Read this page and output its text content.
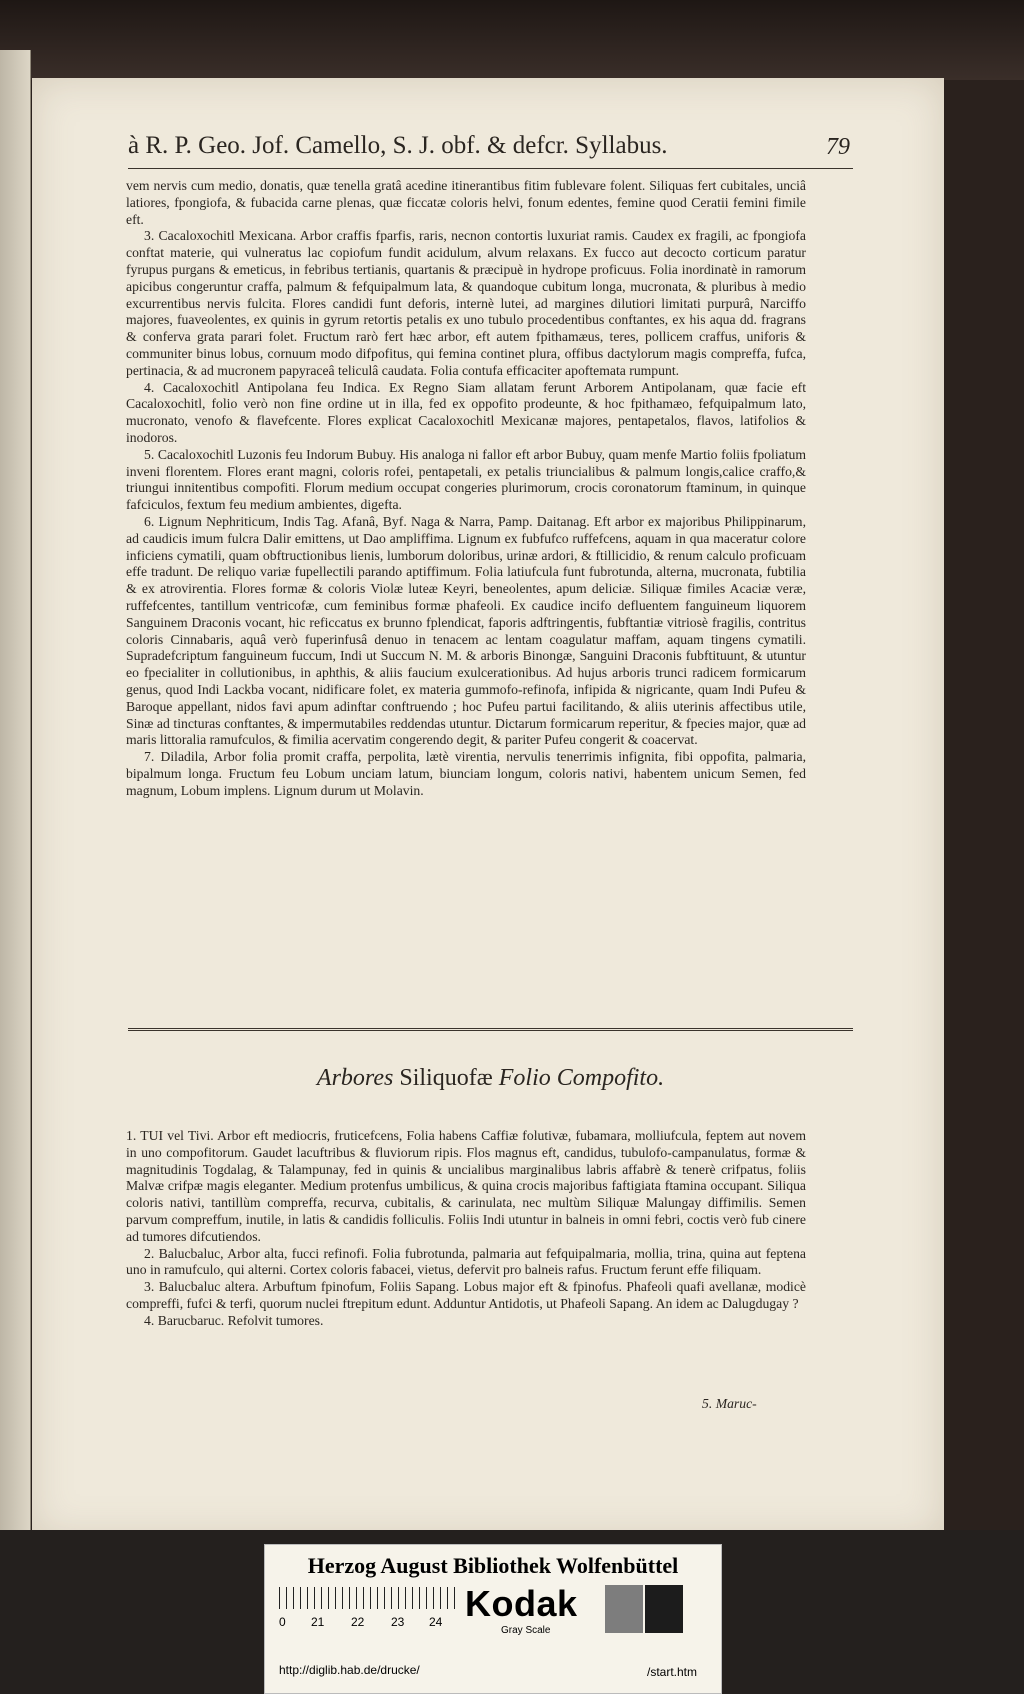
à R. P. Geo. Jof. Camello, S. J. obf. & defcr. Syllabus.	79

vem nervis cum medio, donatis, quæ tenella gratâ acedine itinerantibus fitim fublevare folent. Siliquas fert cubitales, unciâ latiores, fpongiofa, & fubacida carne plenas, quæ ficcatæ coloris helvi, fonum edentes, femine quod Ceratii femini fimile eft.

3. Cacaloxochitl Mexicana. Arbor craffis fparfis, raris, necnon contortis luxuriat ramis. Caudex ex fragili, ac fpongiofa conftat materie, qui vulneratus lac copiofum fundit acidulum, alvum relaxans. Ex fucco aut decocto corticum paratur fyrupus purgans & emeticus, in febribus tertianis, quartanis & præcipuè in hydrope proficuus. Folia inordinatè in ramorum apicibus congeruntur craffa, palmum & fefquipalmum lata, & quandoque cubitum longa, mucronata, & pluribus à medio excurrentibus nervis fulcita. Flores candidi funt deforis, internè lutei, ad margines dilutiori limitati purpurâ, Narciffo majores, fuaveolentes, ex quinis in gyrum retortis petalis ex uno tubulo procedentibus conftantes, ex his aqua dd. fragrans & conferva grata parari folet. Fructum rarò fert hæc arbor, eft autem fpithamæus, teres, pollicem craffus, uniforis & communiter binus lobus, cornuum modo difpofitus, qui femina continet plura, offibus dactylorum magis compreffa, fufca, pertinacia, & ad mucronem papyraceâ teliculâ caudata. Folia contufa efficaciter apoftemata rumpunt.

4. Cacaloxochitl Antipolana feu Indica. Ex Regno Siam allatam ferunt Arborem Antipolanam, quæ facie eft Cacaloxochitl, folio verò non fine ordine ut in illa, fed ex oppofito prodeunte, & hoc fpithamæo, fefquipalmum lato, mucronato, venofo & flavefcente. Flores explicat Cacaloxochitl Mexicanæ majores, pentapetalos, flavos, latifolios & inodoros.

5. Cacaloxochitl Luzonis feu Indorum Bubuy. His analoga ni fallor eft arbor Bubuy, quam menfe Martio foliis fpoliatum inveni florentem. Flores erant magni, coloris rofei, pentapetali, ex petalis triuncialibus & palmum longis,calice craffo,& triungui innitentibus compofiti. Florum medium occupat congeries plurimorum, crocis coronatorum ftaminum, in quinque fafciculos, fextum feu medium ambientes, digefta.

6. Lignum Nephriticum, Indis Tag. Afanâ, Byf. Naga & Narra, Pamp. Daitanag. Eft arbor ex majoribus Philippinarum, ad caudicis imum fulcra Dalir emittens, ut Dao ampliffima. Lignum ex fubfufco ruffefcens, aquam in qua maceratur colore inficiens cymatili, quam obftructionibus lienis, lumborum doloribus, urinæ ardori, & ftillicidio, & renum calculo proficuam effe tradunt. De reliquo variæ fupellectili parando aptiffimum. Folia latiufcula funt fubrotunda, alterna, mucronata, fubtilia & ex atrovirentia. Flores formæ & coloris Violæ luteæ Keyri, beneolentes, apum deliciæ. Siliquæ fimiles Acaciæ veræ, ruffefcentes, tantillum ventricofæ, cum feminibus formæ phafeoli. Ex caudice incifo defluentem fanguineum liquorem Sanguinem Draconis vocant, hic reficcatus ex brunno fplendicat, faporis adftringentis, fubftantiæ vitriosè fragilis, contritus coloris Cinnabaris, aquâ verò fuperinfusâ denuo in tenacem ac lentam coagulatur maffam, aquam tingens cymatili. Supradefcriptum fanguineum fuccum, Indi ut Succum N. M. & arboris Binongæ, Sanguini Draconis fubftituunt, & utuntur eo fpecialiter in collutionibus, in aphthis, & aliis faucium exulcerationibus. Ad hujus arboris trunci radicem formicarum genus, quod Indi Lackba vocant, nidificare folet, ex materia gummofo-refinofa, infipida & nigricante, quam Indi Pufeu & Baroque appellant, nidos favi apum adinftar conftruendo ; hoc Pufeu partui facilitando, & aliis uterinis affectibus utile, Sinæ ad tincturas conftantes, & impermutabiles reddendas utuntur. Dictarum formicarum reperitur, & fpecies major, quæ ad maris littoralia ramufculos, & fimilia acervatim congerendo degit, & pariter Pufeu congerit & coacervat.

7. Diladila, Arbor folia promit craffa, perpolita, lætè virentia, nervulis tenerrimis infignita, fibi oppofita, palmaria, bipalmum longa. Fructum feu Lobum unciam latum, biunciam longum, coloris nativi, habentem unicum Semen, fed magnum, Lobum implens. Lignum durum ut Molavin.

Arbores Siliquofæ Folio Compofito.

1. TUI vel Tivi. Arbor eft mediocris, fruticefcens, Folia habens Caffiæ folutivæ, fubamara, molliufcula, feptem aut novem in uno compofitorum. Gaudet lacuftribus & fluviorum ripis. Flos magnus eft, candidus, tubulofo-campanulatus, formæ & magnitudinis Togdalag, & Talampunay, fed in quinis & uncialibus marginalibus labris affabrè & tenerè crifpatus, foliis Malvæ crifpæ magis eleganter. Medium protenfus umbilicus, & quina crocis majoribus faftigiata ftamina occupant. Siliqua coloris nativi, tantillùm compreffa, recurva, cubitalis, & carinulata, nec multùm Siliquæ Malungay diffimilis. Semen parvum compreffum, inutile, in latis & candidis folliculis. Foliis Indi utuntur in balneis in omni febri, coctis verò fub cinere ad tumores difcutiendos.

2. Balucbaluc, Arbor alta, fucci refinofi. Folia fubrotunda, palmaria aut fefquipalmaria, mollia, trina, quina aut feptena uno in ramufculo, qui alterni. Cortex coloris fabacei, vietus, defervit pro balneis rafus. Fructum ferunt effe filiquam.

3. Balucbaluc altera. Arbuftum fpinofum, Foliis Sapang. Lobus major eft & fpinofus. Phafeoli quafi avellanæ, modicè compreffi, fufci & terfi, quorum nuclei ftrepitum edunt. Adduntur Antidotis, ut Phafeoli Sapang. An idem ac Dalugdugay ?

4. Barucbaruc. Refolvit tumores.

5. Maruc-
Herzog August Bibliothek Wolfenbüttel
0 21 22 23 24 Kodak
Gray Scale
http://diglib.hab.de/drucke/	/start.htm
